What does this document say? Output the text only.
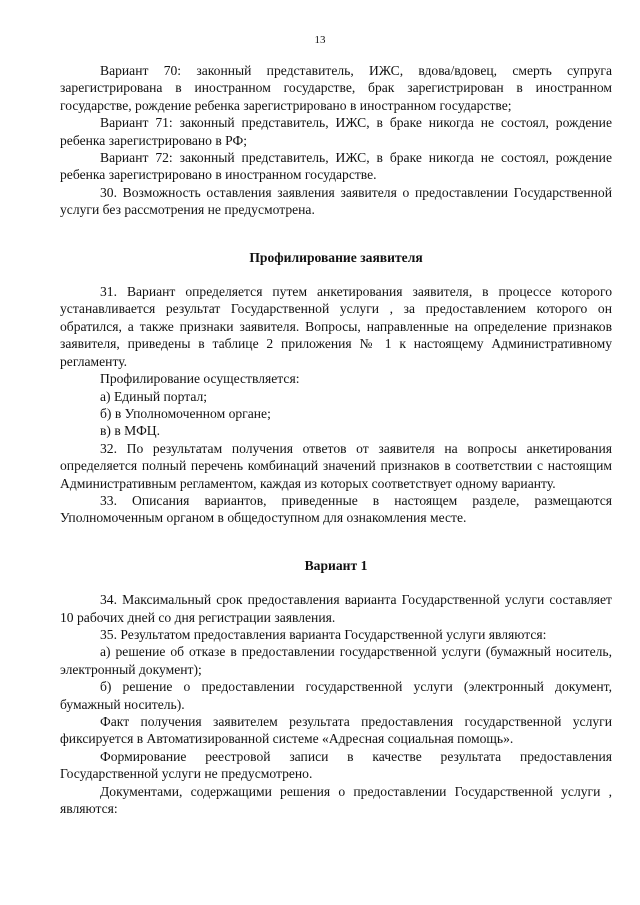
13

Вариант 70: законный представитель, ИЖС, вдова/вдовец, смерть супруга зарегистрирована в иностранном государстве, брак зарегистрирован в иностранном государстве, рождение ребенка зарегистрировано в иностранном государстве;

Вариант 71: законный представитель, ИЖС, в браке никогда не состоял, рождение ребенка зарегистрировано в РФ;

Вариант 72: законный представитель, ИЖС, в браке никогда не состоял, рождение ребенка зарегистрировано в иностранном государстве.

30. Возможность оставления заявления заявителя о предоставлении Государственной услуги без рассмотрения не предусмотрена.

Профилирование заявителя

31. Вариант определяется путем анкетирования заявителя, в процессе которого устанавливается результат Государственной услуги , за предоставлением которого он обратился, а также признаки заявителя. Вопросы, направленные на определение признаков заявителя, приведены в таблице 2 приложения № 1 к настоящему Административному регламенту.

Профилирование осуществляется:

а) Единый портал;

б) в Уполномоченном органе;

в) в МФЦ.

32. По результатам получения ответов от заявителя на вопросы анкетирования определяется полный перечень комбинаций значений признаков в соответствии с настоящим Административным регламентом, каждая из которых соответствует одному варианту.

33. Описания вариантов, приведенные в настоящем разделе, размещаются Уполномоченным органом в общедоступном для ознакомления месте.

Вариант 1

34. Максимальный срок предоставления варианта Государственной услуги составляет 10 рабочих дней со дня регистрации заявления.

35. Результатом предоставления варианта Государственной услуги являются:

а) решение об отказе в предоставлении государственной услуги (бумажный носитель, электронный документ);

б) решение о предоставлении государственной услуги (электронный документ, бумажный носитель).

Факт получения заявителем результата предоставления государственной услуги фиксируется в Автоматизированной системе «Адресная социальная помощь».

Формирование реестровой записи в качестве результата предоставления Государственной услуги не предусмотрено.

Документами, содержащими решения о предоставлении Государственной услуги , являются:
